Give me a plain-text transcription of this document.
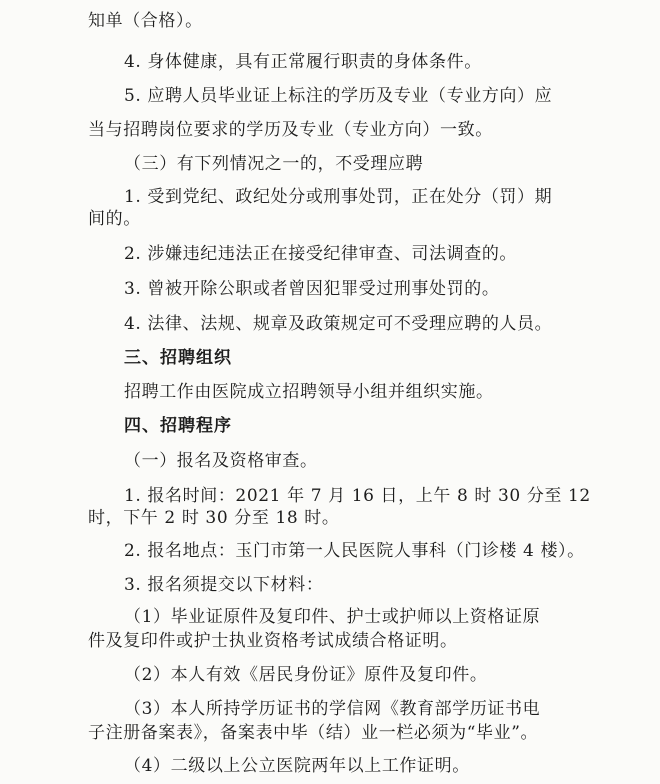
知单（合格）。
4. 身体健康，具有正常履行职责的身体条件。
5. 应聘人员毕业证上标注的学历及专业（专业方向）应
当与招聘岗位要求的学历及专业（专业方向）一致。
（三）有下列情况之一的，不受理应聘
1. 受到党纪、政纪处分或刑事处罚，正在处分（罚）期
间的。
2. 涉嫌违纪违法正在接受纪律审查、司法调查的。
3. 曾被开除公职或者曾因犯罪受过刑事处罚的。
4. 法律、法规、规章及政策规定可不受理应聘的人员。
三、招聘组织
招聘工作由医院成立招聘领导小组并组织实施。
四、招聘程序
（一）报名及资格审查。
1. 报名时间：2021 年 7 月 16 日，上午 8 时 30 分至 12
时，下午 2 时 30 分至 18 时。
2. 报名地点：玉门市第一人民医院人事科（门诊楼 4 楼）。
3. 报名须提交以下材料：
（1）毕业证原件及复印件、护士或护师以上资格证原
件及复印件或护士执业资格考试成绩合格证明。
（2）本人有效《居民身份证》原件及复印件。
（3）本人所持学历证书的学信网《教育部学历证书电
子注册备案表》，备案表中毕（结）业一栏必须为“毕业”。
（4）二级以上公立医院两年以上工作证明。
